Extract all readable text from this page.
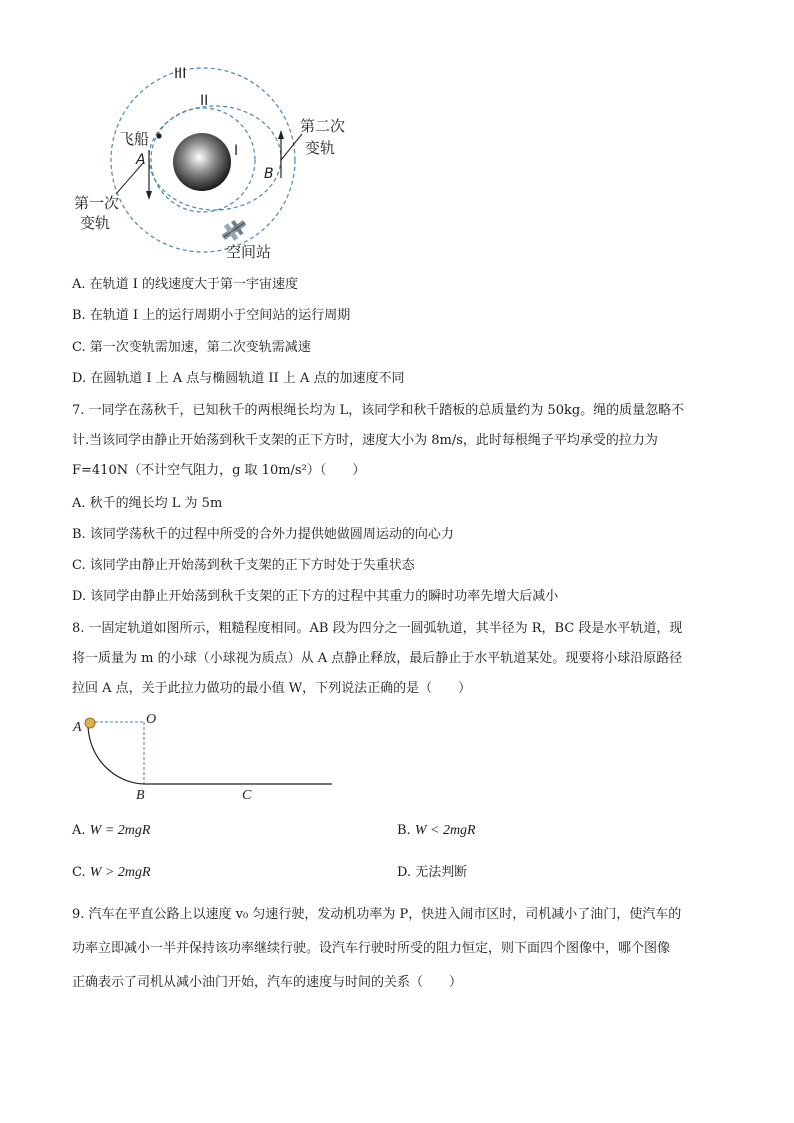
III
II
I
飞船
A
B
第一次
变轨
第二次
变轨
空间站
A. 在轨道 I 的线速度大于第一宇宙速度
B. 在轨道 I 上的运行周期小于空间站的运行周期
C. 第一次变轨需加速，第二次变轨需减速
D. 在圆轨道 I 上 A 点与椭圆轨道 II 上 A 点的加速度不同
7. 一同学在荡秋千，已知秋千的两根绳长均为 L，该同学和秋千踏板的总质量约为 50kg。绳的质量忽略不
计.当该同学由静止开始荡到秋千支架的正下方时，速度大小为 8m/s，此时每根绳子平均承受的拉力为
F=410N（不计空气阻力，g 取 10m/s²）（　　）
A. 秋千的绳长均 L 为 5m
B. 该同学荡秋千的过程中所受的合外力提供她做圆周运动的向心力
C. 该同学由静止开始荡到秋千支架的正下方时处于失重状态
D. 该同学由静止开始荡到秋千支架的正下方的过程中其重力的瞬时功率先增大后减小
8. 一固定轨道如图所示，粗糙程度相同。AB 段为四分之一圆弧轨道，其半径为 R，BC 段是水平轨道，现
将一质量为 m 的小球（小球视为质点）从 A 点静止释放，最后静止于水平轨道某处。现要将小球沿原路径
拉回 A 点，关于此拉力做功的最小值 W，下列说法正确的是（　　）
A
O
B	C
A. W = 2mgR	B. W < 2mgR
C. W > 2mgR	D. 无法判断
9. 汽车在平直公路上以速度 v₀ 匀速行驶，发动机功率为 P，快进入闹市区时，司机减小了油门，使汽车的
功率立即减小一半并保持该功率继续行驶。设汽车行驶时所受的阻力恒定，则下面四个图像中，哪个图像
正确表示了司机从减小油门开始，汽车的速度与时间的关系（　　）
